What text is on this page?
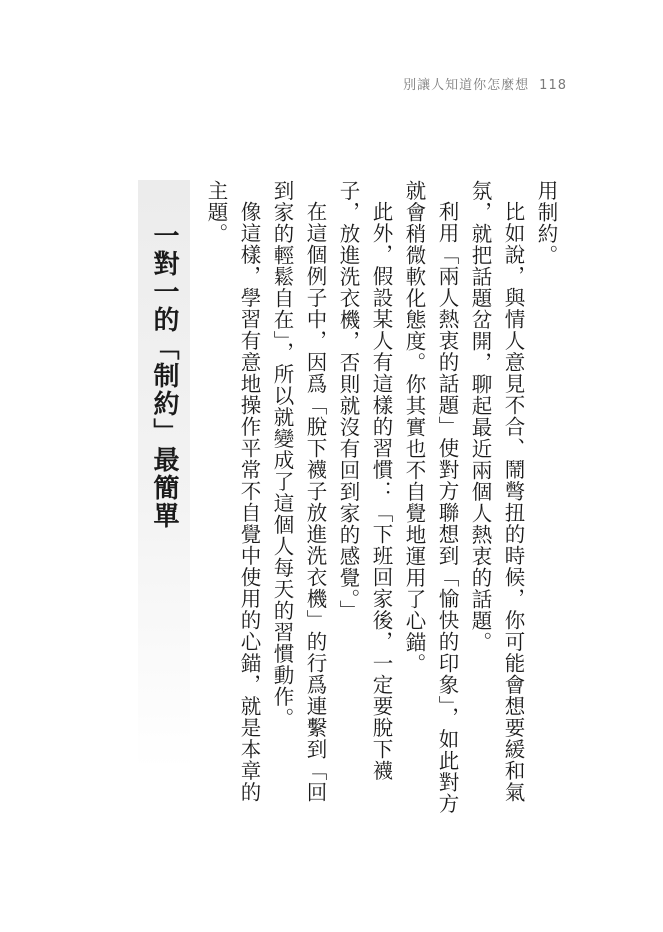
別讓人知道你怎麼想 118

用制約。

比如說，與情人意見不合、鬧彆扭的時候，你可能會想要緩和氣氛，就把話題岔開，聊起最近兩個人熱衷的話題。

利用「兩人熱衷的話題」使對方聯想到「愉快的印象」，如此對方就會稍微軟化態度。你其實也不自覺地運用了心錨。

此外，假設某人有這樣的習慣：「下班回家後，一定要脫下襪子，放進洗衣機，否則就沒有回到家的感覺。」

在這個例子中，因爲「脫下襪子放進洗衣機」的行爲連繫到「回到家的輕鬆自在」，所以就變成了這個人每天的習慣動作。

像這樣，學習有意地操作平常不自覺中使用的心錨，就是本章的主題。

一對一的「制約」最簡單
